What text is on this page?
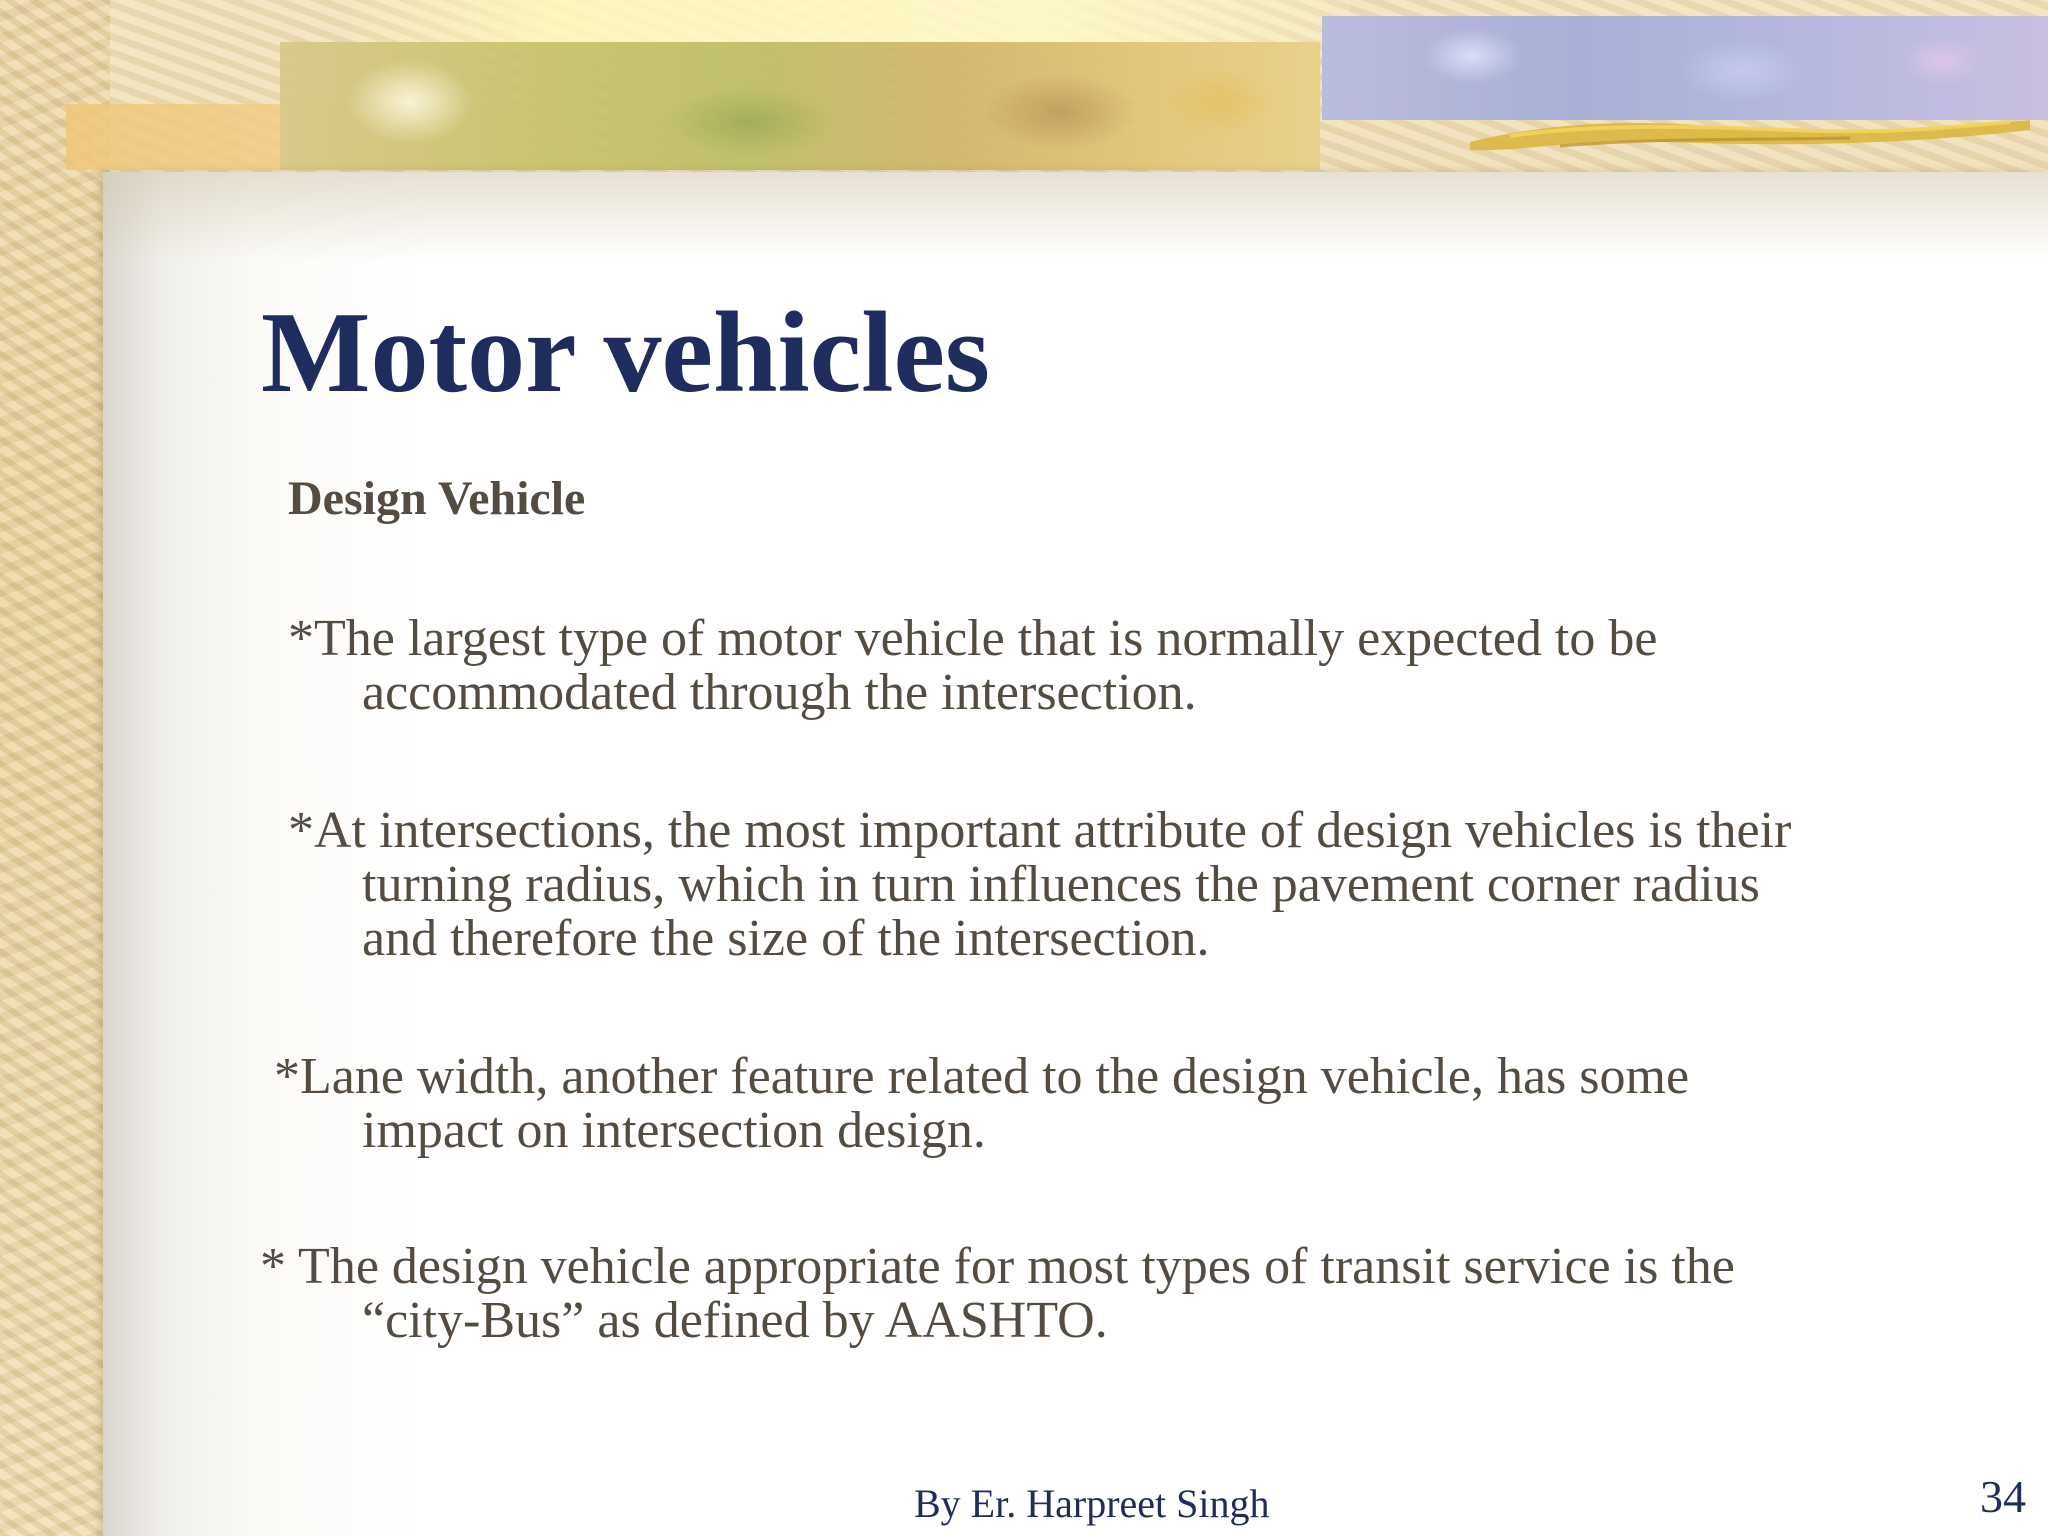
Motor vehicles
Design Vehicle
*The largest type of motor vehicle that is normally expected to be
accommodated through the intersection.
*At intersections, the most important attribute of design vehicles is their
turning radius, which in turn influences the pavement corner radius
and therefore the size of the intersection.
*Lane width, another feature related to the design vehicle, has some
impact on intersection design.
* The design vehicle appropriate for most types of transit service is the
“city-Bus” as defined by AASHTO.
By Er. Harpreet Singh	34
